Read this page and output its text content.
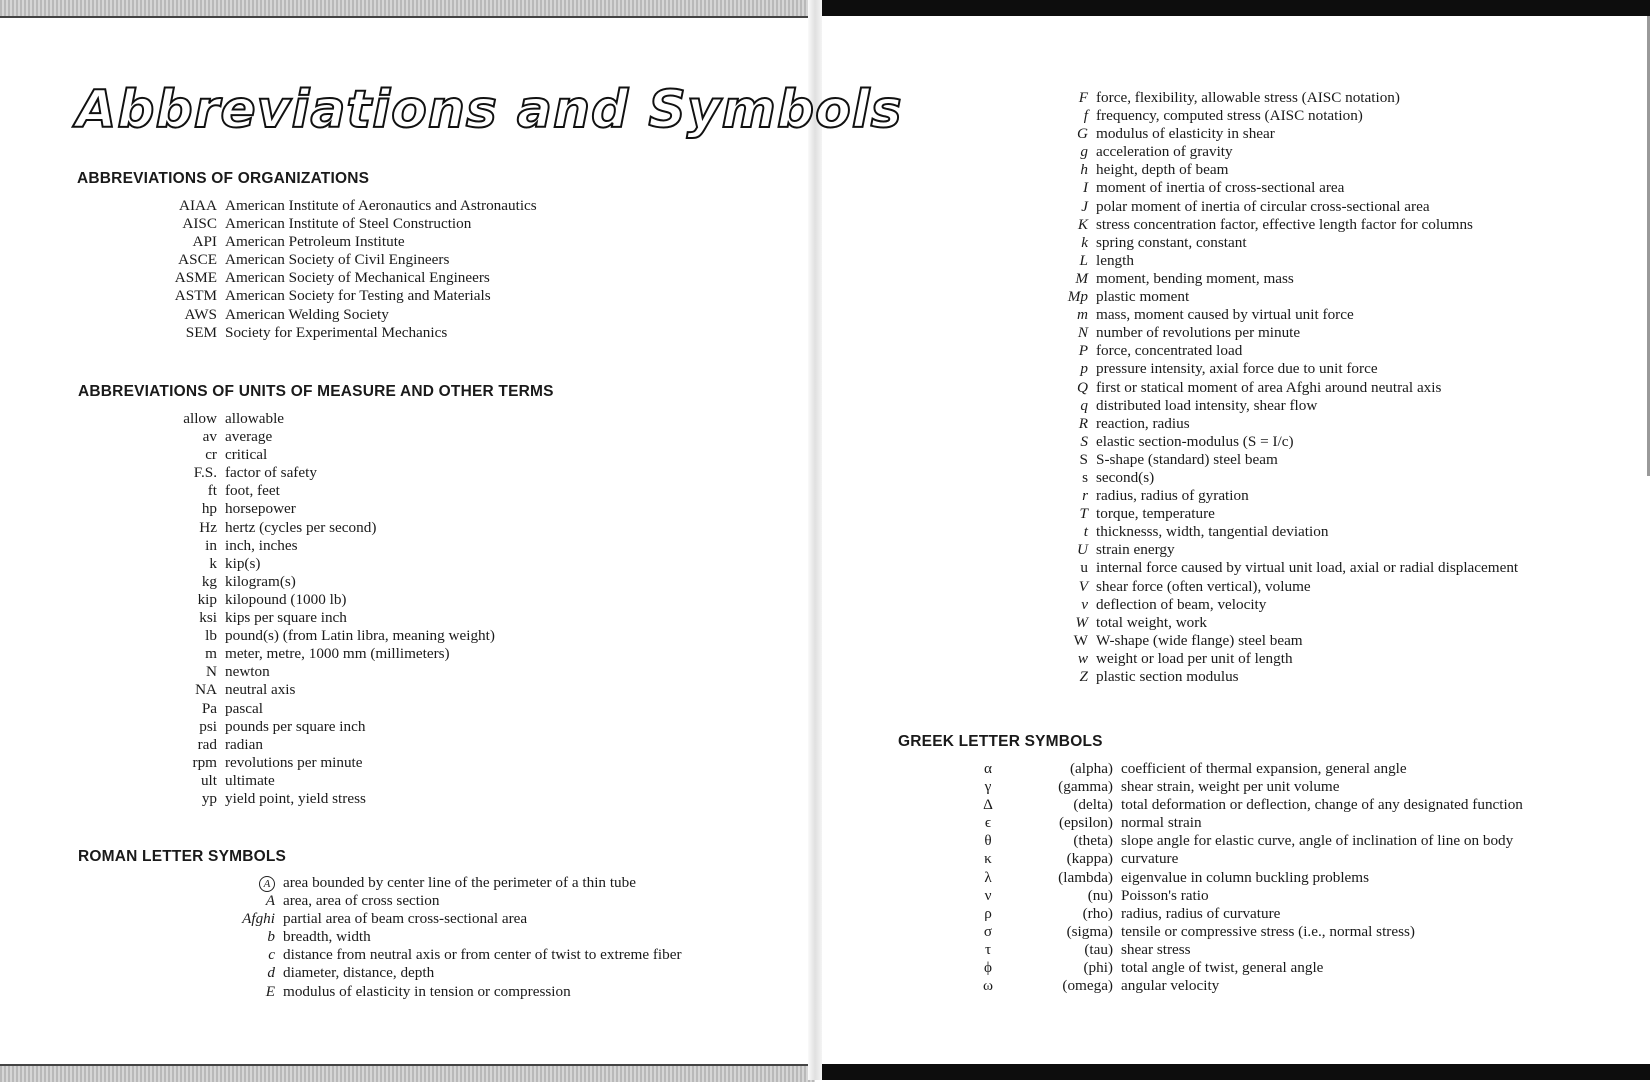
Abbreviations and Symbols
ABBREVIATIONS OF ORGANIZATIONS
AIAA American Institute of Aeronautics and Astronautics
AISC American Institute of Steel Construction
API American Petroleum Institute
ASCE American Society of Civil Engineers
ASME American Society of Mechanical Engineers
ASTM American Society for Testing and Materials
AWS American Welding Society
SEM Society for Experimental Mechanics
ABBREVIATIONS OF UNITS OF MEASURE AND OTHER TERMS
allow allowable
av average
cr critical
F.S. factor of safety
ft foot, feet
hp horsepower
Hz hertz (cycles per second)
in inch, inches
k kip(s)
kg kilogram(s)
kip kilopound (1000 lb)
ksi kips per square inch
lb pound(s) (from Latin libra, meaning weight)
m meter, metre, 1000 mm (millimeters)
N newton
NA neutral axis
Pa pascal
psi pounds per square inch
rad radian
rpm revolutions per minute
ult ultimate
yp yield point, yield stress
ROMAN LETTER SYMBOLS
A area bounded by center line of the perimeter of a thin tube
A area, area of cross section
Afghi partial area of beam cross-sectional area
b breadth, width
c distance from neutral axis or from center of twist to extreme fiber
d diameter, distance, depth
E modulus of elasticity in tension or compression
F force, flexibility, allowable stress (AISC notation)
f frequency, computed stress (AISC notation)
G modulus of elasticity in shear
g acceleration of gravity
h height, depth of beam
I moment of inertia of cross-sectional area
J polar moment of inertia of circular cross-sectional area
K stress concentration factor, effective length factor for columns
k spring constant, constant
L length
M moment, bending moment, mass
Mp plastic moment
m mass, moment caused by virtual unit force
N number of revolutions per minute
P force, concentrated load
p pressure intensity, axial force due to unit force
Q first or statical moment of area Afghi around neutral axis
q distributed load intensity, shear flow
R reaction, radius
S elastic section-modulus (S = I/c)
S S-shape (standard) steel beam
s second(s)
r radius, radius of gyration
T torque, temperature
t thicknesss, width, tangential deviation
U strain energy
u internal force caused by virtual unit load, axial or radial displacement
V shear force (often vertical), volume
v deflection of beam, velocity
W total weight, work
W W-shape (wide flange) steel beam
w weight or load per unit of length
Z plastic section modulus
GREEK LETTER SYMBOLS
α	(alpha) coefficient of thermal expansion, general angle
γ	(gamma) shear strain, weight per unit volume
Δ	(delta) total deformation or deflection, change of any designated function
ϵ	(epsilon) normal strain
θ	(theta) slope angle for elastic curve, angle of inclination of line on body
κ	(kappa) curvature
λ	(lambda) eigenvalue in column buckling problems
ν	(nu) Poisson's ratio
ρ	(rho) radius, radius of curvature
σ	(sigma) tensile or compressive stress (i.e., normal stress)
τ	(tau) shear stress
ϕ	(phi) total angle of twist, general angle
ω	(omega) angular velocity
